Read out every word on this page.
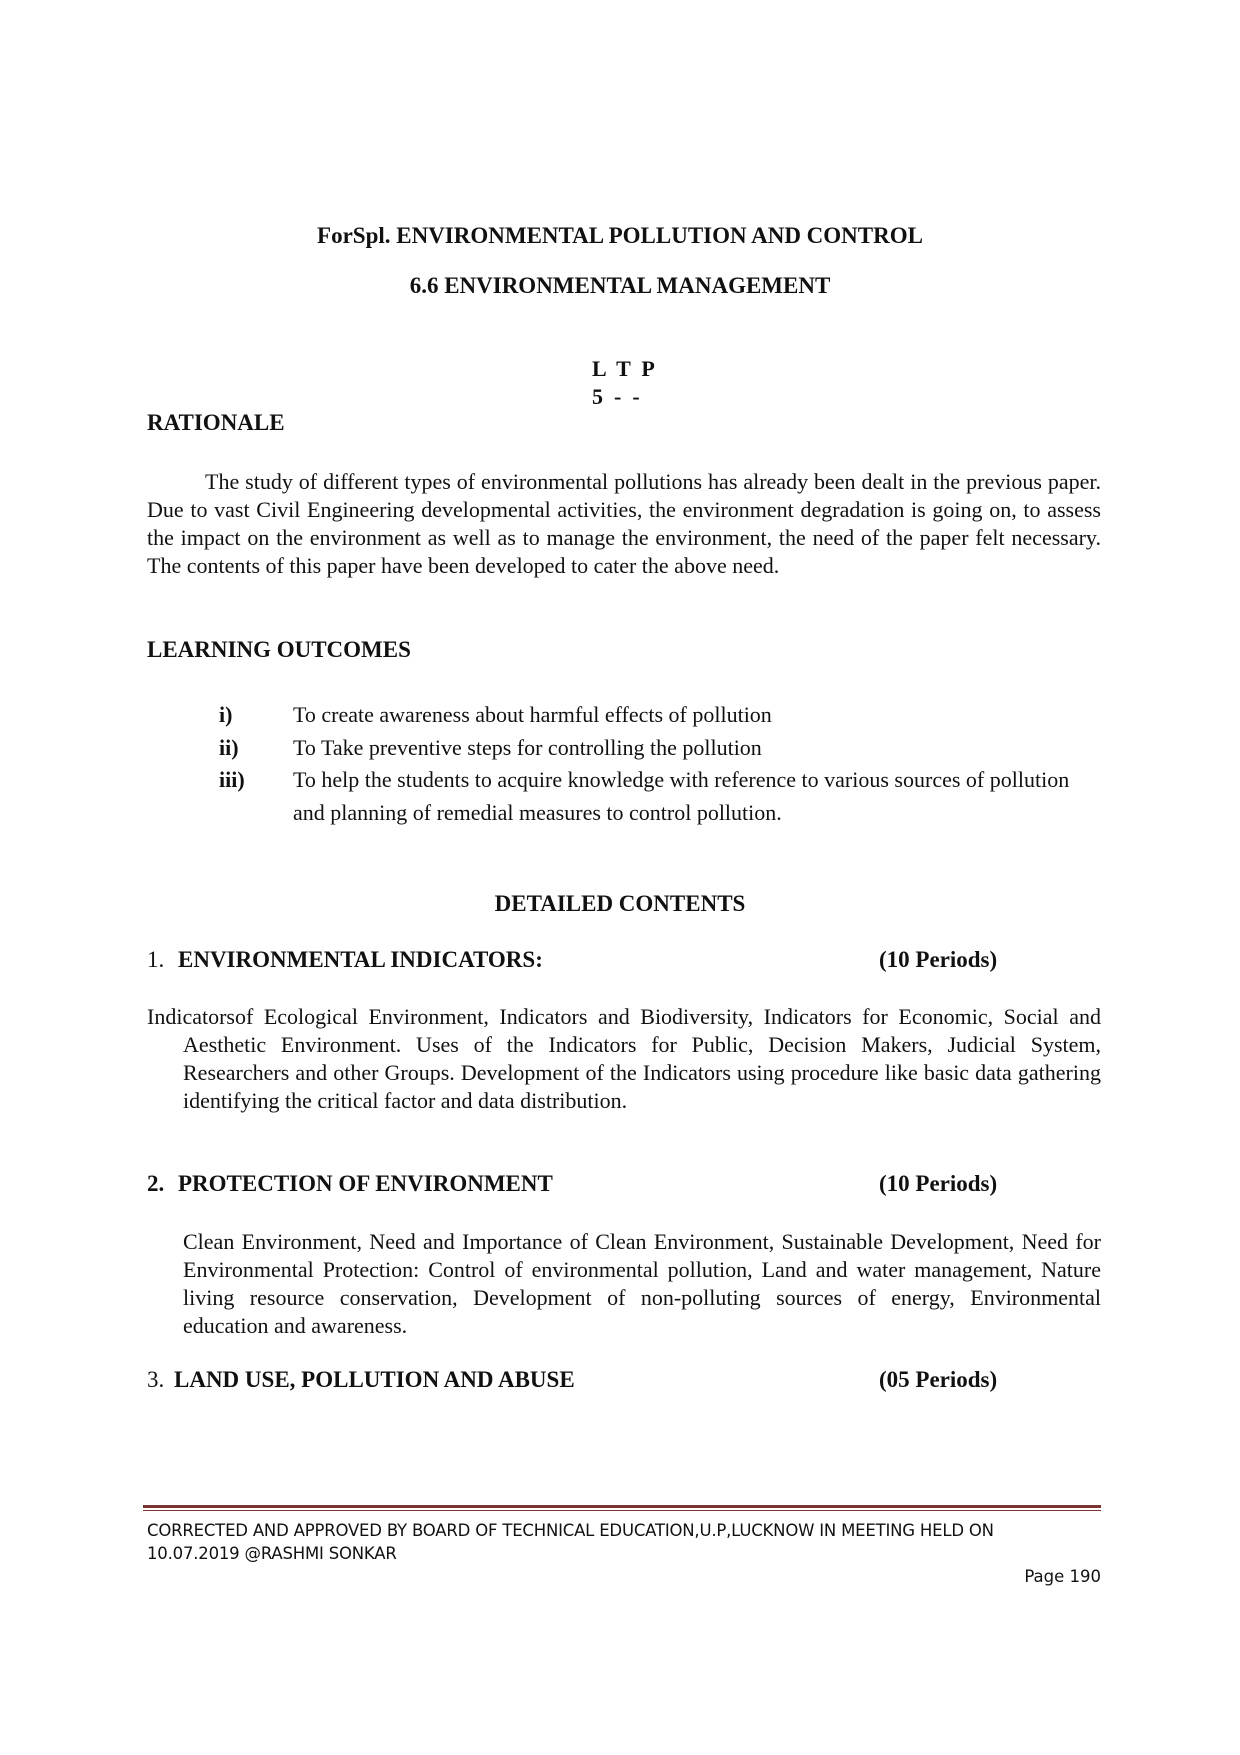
ForSpl. ENVIRONMENTAL POLLUTION AND CONTROL
6.6 ENVIRONMENTAL MANAGEMENT
L  T  P
5  -  -
RATIONALE
The study of different types of environmental pollutions has already been dealt in the previous paper. Due to vast Civil Engineering developmental activities, the environment degradation is going on, to assess the impact on the environment as well as to manage the environment, the need of the paper felt necessary. The contents of this paper have been developed to cater the above need.
LEARNING OUTCOMES
i)	To create awareness about harmful effects of pollution
ii)	To Take preventive steps for controlling the pollution
iii)	To help the students to acquire knowledge with reference to various sources of pollution and planning of remedial measures to control pollution.
DETAILED CONTENTS
1. ENVIRONMENTAL INDICATORS:	(10 Periods)
Indicatorsof Ecological Environment, Indicators and Biodiversity, Indicators for Economic, Social and Aesthetic Environment. Uses of the Indicators for Public, Decision Makers, Judicial System, Researchers and other Groups. Development of the Indicators using procedure like basic data gathering identifying the critical factor and data distribution.
2. PROTECTION OF ENVIRONMENT	(10 Periods)
Clean Environment, Need and Importance of Clean Environment, Sustainable Development, Need for Environmental Protection: Control of environmental pollution, Land and water management, Nature living resource conservation, Development of non-polluting sources of energy, Environmental education and awareness.
3. LAND USE, POLLUTION AND ABUSE	(05 Periods)
CORRECTED AND APPROVED BY BOARD OF TECHNICAL EDUCATION,U.P,LUCKNOW IN MEETING HELD ON
10.07.2019 @RASHMI SONKAR
Page 190
